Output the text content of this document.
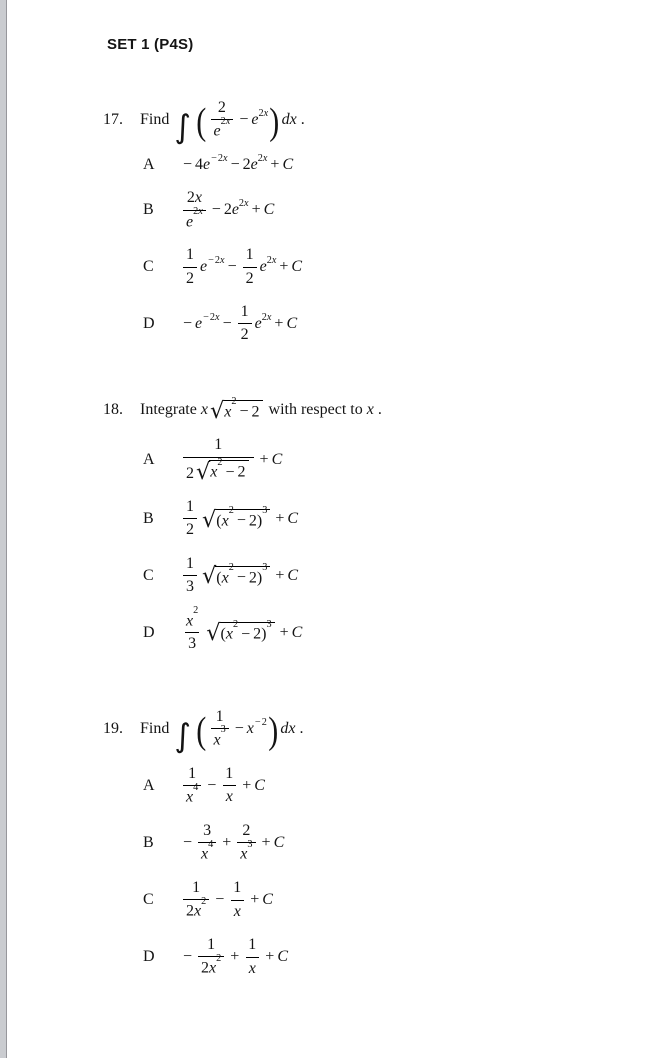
SET 1 (P4S)
17.	Find ∫ ( $\frac{2}{e^{2x}} - e$ $^{2x}$ ) dx .
A	− 4e $^{-2x}$ − 2e $^{2x}$ + C
B	$\frac{2x}{e^{2x}} - 2e$ $^{2x}$ + C
C	$\frac{1}{2}$ e $^{-2x} - \frac{1}{2}$ e $^{2x}$ + C
D	− e $^{-2x} - \frac{1}{2}$ e $^{2x}$ + C
18.	Integrate x √ $x^2- 2$ with respect to x .
A	$\frac{1}{2 √ x^2- 2} + C$
B	$\frac{1}{2}$ √ $(x^2- 2)^3 + C$
C	$\frac{1}{3}$ √ $(x^2- 2)^3 + C$
D	$\frac{x^2}{3}$ √ $(x^2- 2)^3 + C$
19.	Find ∫ ( $\frac{1}{x^3} - x$ $^{-2}$ ) dx .
A	$\frac{1}{x^4} - \frac{1}{x} + C$
B	− $\frac{3}{x^4} + \frac{2}{x^3} + C$
C	$\frac{1}{2x^2} - \frac{1}{x} + C$
D	− $\frac{1}{2x^2} + \frac{1}{x} + C$
